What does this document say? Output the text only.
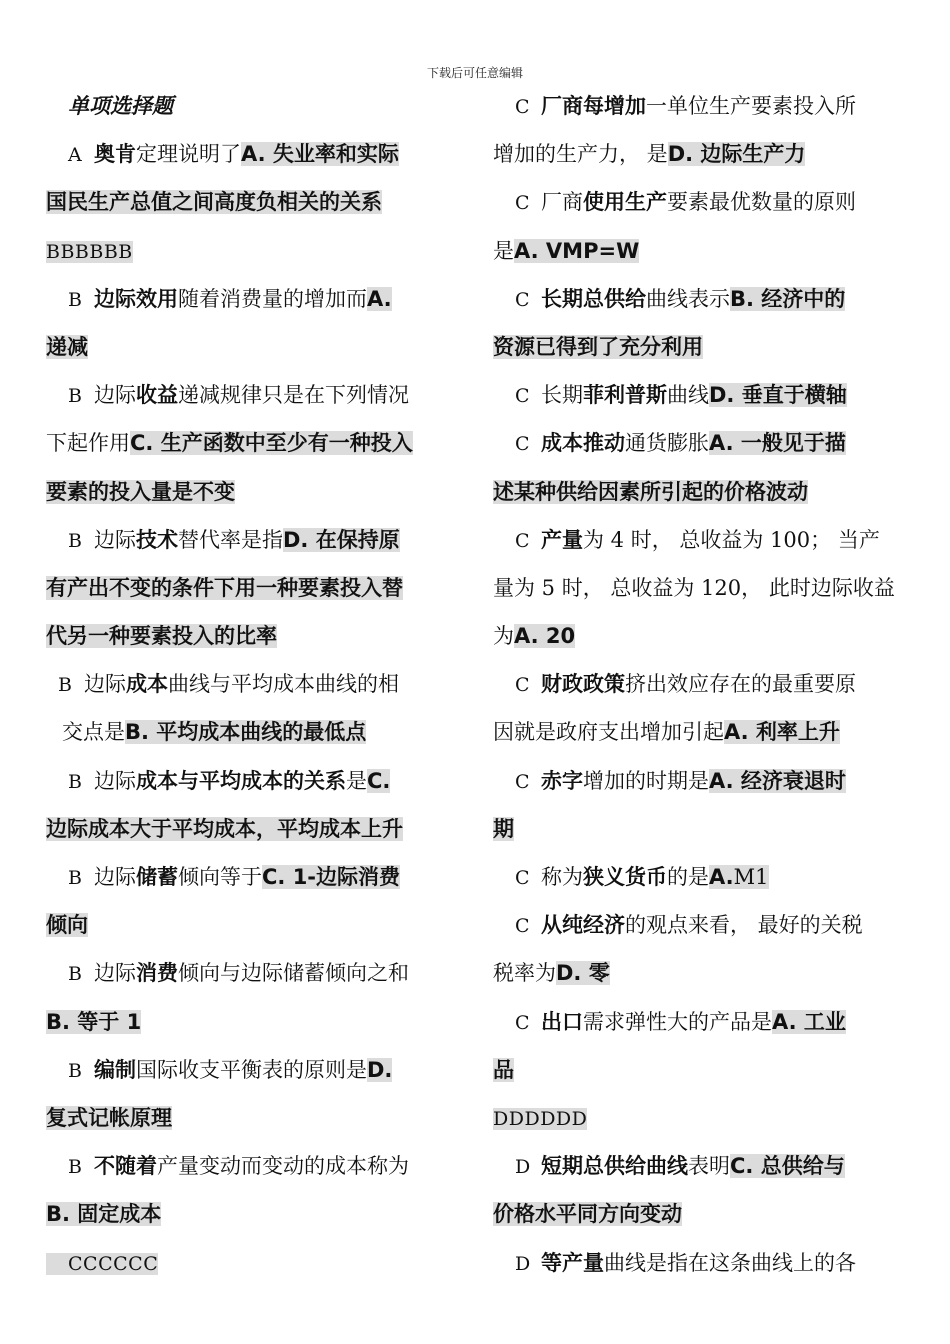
下载后可任意编辑
单项选择题
A 奥肯定理说明了A. 失业率和实际
国民生产总值之间高度负相关的关系
BBBBBB
B 边际效用随着消费量的增加而A.
递减
B 边际收益递减规律只是在下列情况
下起作用C. 生产函数中至少有一种投入
要素的投入量是不变
B 边际技术替代率是指D. 在保持原
有产出不变的条件下用一种要素投入替
代另一种要素投入的比率
B 边际成本曲线与平均成本曲线的相
交点是B. 平均成本曲线的最低点
B 边际成本与平均成本的关系是C.
边际成本大于平均成本，平均成本上升
B 边际储蓄倾向等于C. 1-边际消费
倾向
B 边际消费倾向与边际储蓄倾向之和
B. 等于 1
B 编制国际收支平衡表的原则是D.
复式记帐原理
B 不随着产量变动而变动的成本称为
B. 固定成本
CCCCCC
C 厂商每增加一单位生产要素投入所
增加的生产力， 是D. 边际生产力
C 厂商使用生产要素最优数量的原则
是A. VMP=W
C 长期总供给曲线表示B. 经济中的
资源已得到了充分利用
C 长期菲利普斯曲线D. 垂直于横轴
C 成本推动通货膨胀A. 一般见于描
述某种供给因素所引起的价格波动
C 产量为 4 时， 总收益为 100； 当产
量为 5 时， 总收益为 120， 此时边际收益
为A. 20
C 财政政策挤出效应存在的最重要原
因就是政府支出增加引起A. 利率上升
C 赤字增加的时期是A. 经济衰退时
期
C 称为狭义货币的是A.M1
C 从纯经济的观点来看， 最好的关税
税率为D. 零
C 出口需求弹性大的产品是A. 工业
品
DDDDDD
D 短期总供给曲线表明C. 总供给与
价格水平同方向变动
D 等产量曲线是指在这条曲线上的各
